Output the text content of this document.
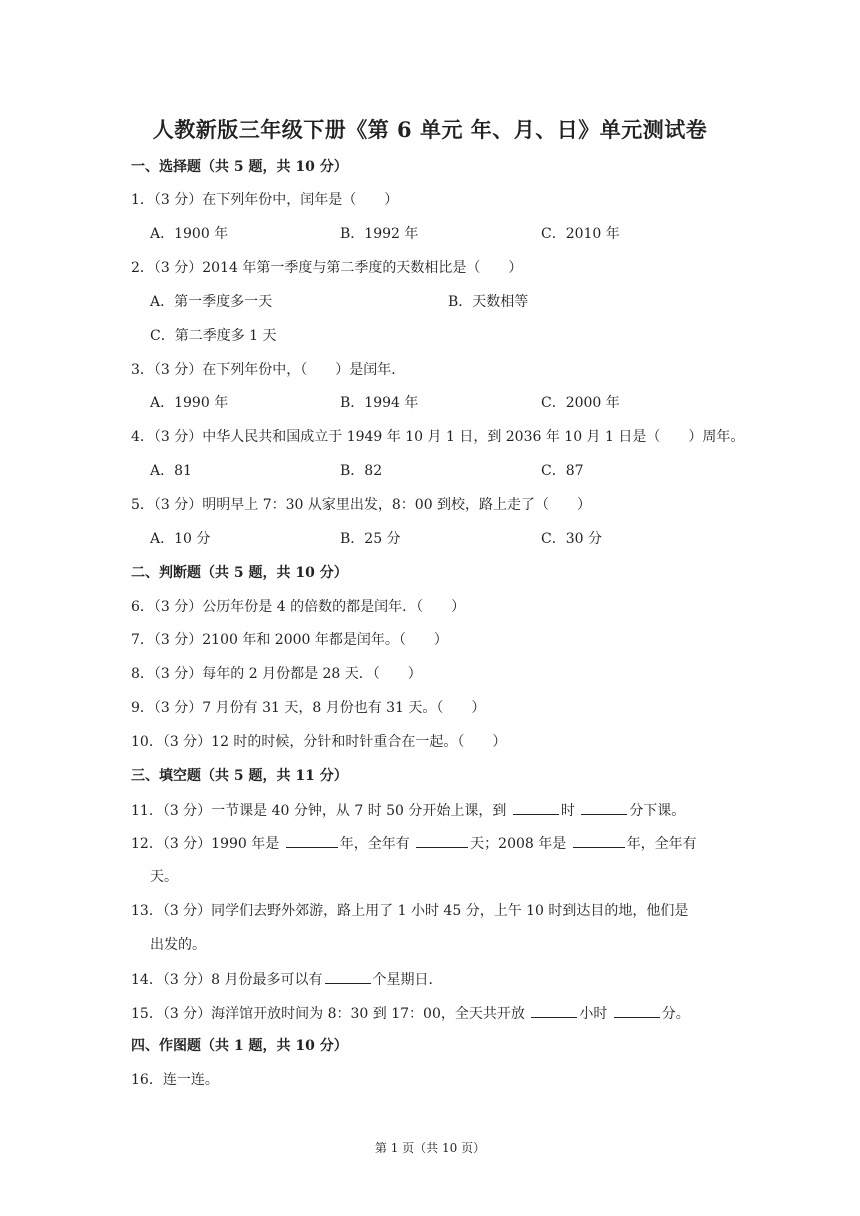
人教新版三年级下册《第 6 单元 年、月、日》单元测试卷
一、选择题（共 5 题，共 10 分）
1．（3 分）在下列年份中，闰年是（　　）
A．1900 年	B．1992 年	C．2010 年
2．（3 分）2014 年第一季度与第二季度的天数相比是（　　）
A．第一季度多一天	B．天数相等
C．第二季度多 1 天
3．（3 分）在下列年份中，（　　）是闰年．
A．1990 年	B．1994 年	C．2000 年
4．（3 分）中华人民共和国成立于 1949 年 10 月 1 日，到 2036 年 10 月 1 日是（　　）周年。
A．81	B．82	C．87
5．（3 分）明明早上 7：30 从家里出发，8：00 到校，路上走了（　　）
A．10 分	B．25 分	C．30 分
二、判断题（共 5 题，共 10 分）
6．（3 分）公历年份是 4 的倍数的都是闰年．（　　）
7．（3 分）2100 年和 2000 年都是闰年。（　　）
8．（3 分）每年的 2 月份都是 28 天．（　　）
9．（3 分）7 月份有 31 天，8 月份也有 31 天。（　　）
10．（3 分）12 时的时候，分针和时针重合在一起。（　　）
三、填空题（共 5 题，共 11 分）
11．（3 分）一节课是 40 分钟，从 7 时 50 分开始上课，到	时	分下课。
12．（3 分）1990 年是	年，全年有	天；2008 年是	年，全年有
天。
13．（3 分）同学们去野外郊游，路上用了 1 小时 45 分，上午 10 时到达目的地，他们是
出发的。
14．（3 分）8 月份最多可以有	个星期日．
15．（3 分）海洋馆开放时间为 8：30 到 17：00，全天共开放	小时	分。
四、作图题（共 1 题，共 10 分）
16．连一连。
第 1 页（共 10 页）
